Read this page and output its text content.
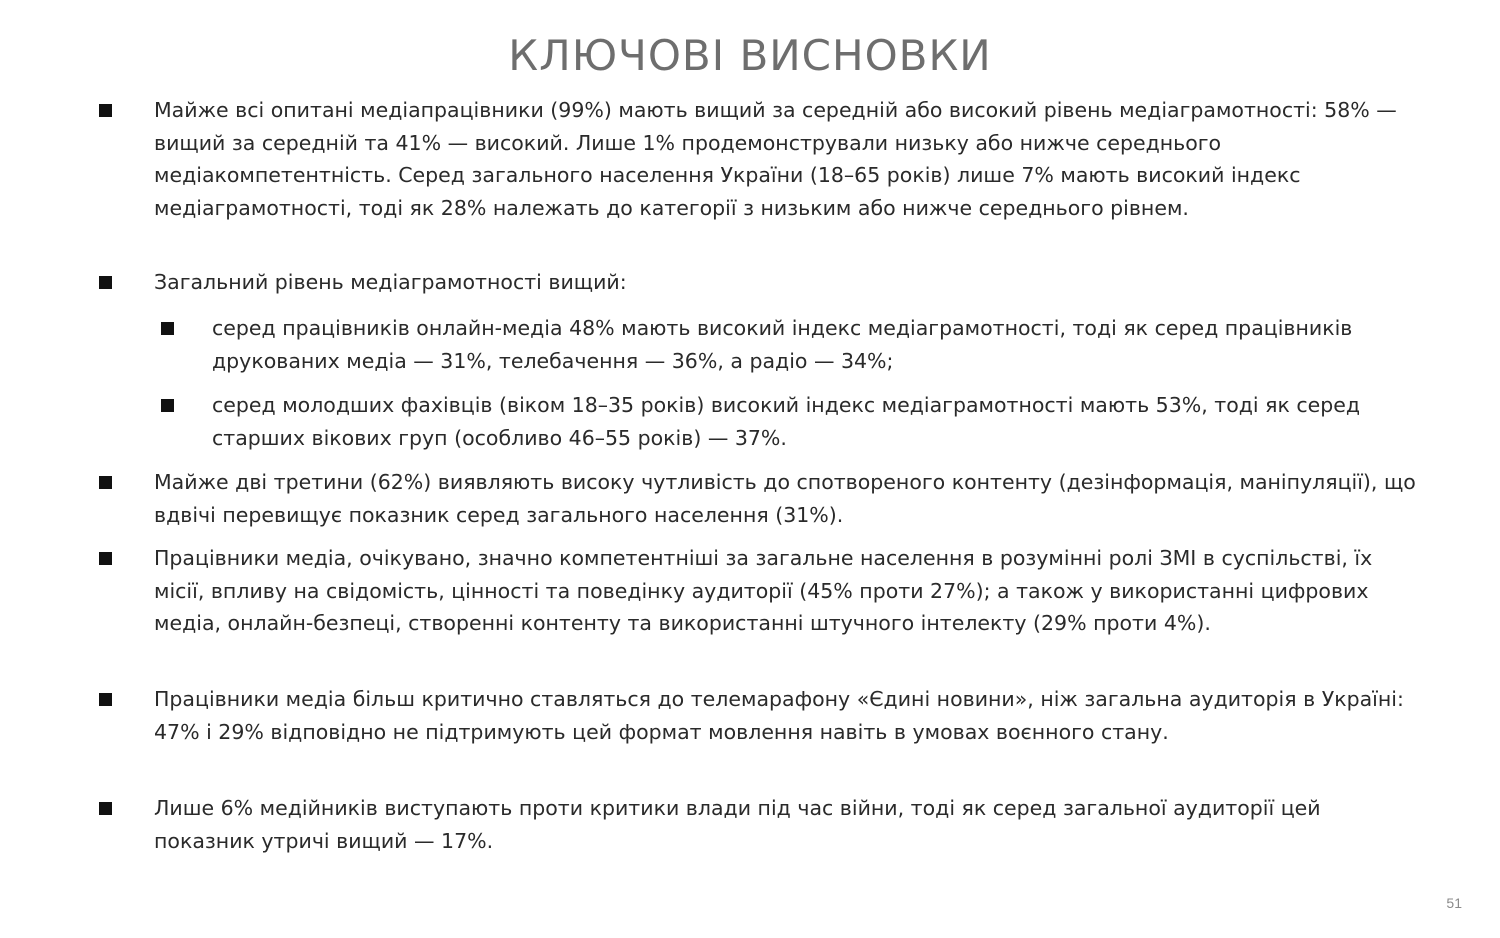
КЛЮЧОВІ ВИСНОВКИ
Майже всі опитані медіапрацівники (99%) мають вищий за середній або високий рівень медіаграмотності: 58% — вищий за середній та 41% — високий. Лише 1% продемонстрували низьку або нижче середнього медіакомпетентність. Серед загального населення України (18–65 років) лише 7% мають високий індекс медіаграмотності, тоді як 28% належать до категорії з низьким або нижче середнього рівнем.
Загальний рівень медіаграмотності вищий:
серед працівників онлайн-медіа 48% мають високий індекс медіаграмотності, тоді як серед працівників друкованих медіа — 31%, телебачення — 36%, а радіо — 34%;
серед молодших фахівців (віком 18–35 років) високий індекс медіаграмотності мають 53%, тоді як серед старших вікових груп (особливо 46–55 років) — 37%.
Майже дві третини (62%) виявляють високу чутливість до спотвореного контенту (дезінформація, маніпуляції), що вдвічі перевищує показник серед загального населення (31%).
Працівники медіа, очікувано, значно компетентніші за загальне населення в розумінні ролі ЗМІ в суспільстві, їх місії, впливу на свідомість, цінності та поведінку аудиторії (45% проти 27%); а також у використанні цифрових медіа, онлайн-безпеці, створенні контенту та використанні штучного інтелекту (29% проти 4%).
Працівники медіа більш критично ставляться до телемарафону «Єдині новини», ніж загальна аудиторія в Україні: 47% і 29% відповідно не підтримують цей формат мовлення навіть в умовах воєнного стану.
Лише 6% медійників виступають проти критики влади під час війни, тоді як серед загальної аудиторії цей показник утричі вищий — 17%.
51
